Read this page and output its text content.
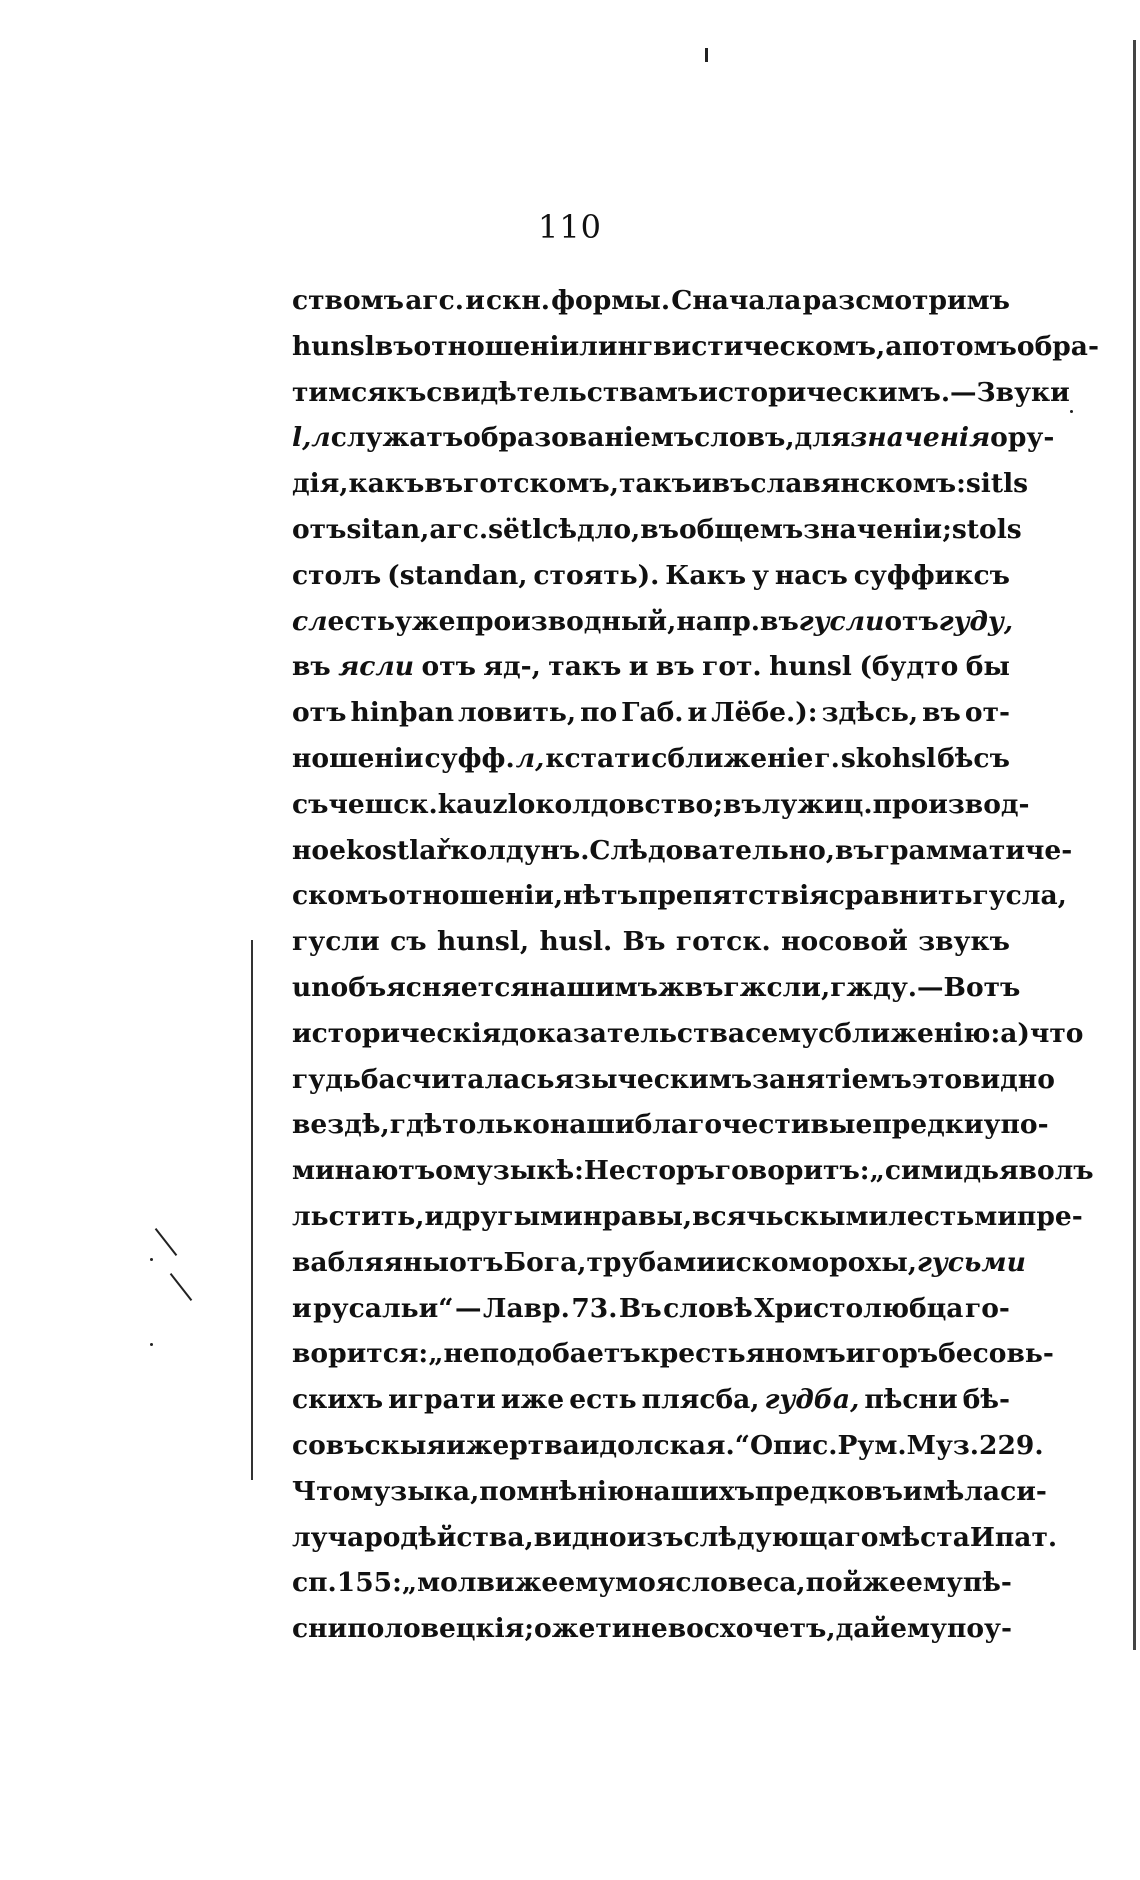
110
ствомъ агс. и скн. формы. Сначала разсмотримъ
hunsl въ отношенiи лингвистическомъ, а потомъ обра-
тимся къ свидѣтельствамъ историческимъ. — Звуки
l, л служатъ образованiемъ словъ, для значенiя ору-
дiя, какъ въ готскомъ, такъ и въ славянскомъ: sitls
отъ sitan, агс. sëtl сѣдло, въ общемъ значенiи; stols
столъ (standan, стоять). Какъ у насъ суффиксъ
сл есть уже производный, напр. въ гусли отъ гуду,
въ ясли отъ яд-, такъ и въ гот. hunsl (будто бы
отъ hinþan ловить, по Габ. и Лёбе.): здѣсь, въ от-
ношенiи суфф. л, кстати сближенiе г. skohsl бѣсъ
съ чешск. kauzlo колдовство; въ лужиц. производ-
ное kostlař колдунъ. Слѣдовательно, въ грамматичe-
скомъ отношенiи, нѣтъ препятствiя сравнить гусла,
гусли съ hunsl, husl. Въ готск. носовой звукъ
un объясняется нашимъ ж въ гжсли, гжду. — Вотъ
историческiя доказательства сему сближенiю: а) что
гудьба считалась языческимъ занятiемъ это видно
вездѣ, гдѣ только наши благочестивые предки упо-
минаютъ о музыкѣ: Несторъ говоритъ: „сими дьяволъ
льстить, и другыми нравы, всячьскыми лестьми пре-
вабляя ны отъ Бога, трубами и скоморохы, гусьми
и русальи“ — Лавр. 73. Въ словѣ Христолюбца го-
ворится: „не подобаетъ крестьяномъ игоръ бесовь-
скихъ играти иже есть плясба, гудба, пѣсни бѣ-
совъскыя и жертва идолская.“ Опис. Рум. Муз. 229.
Что музыка, по мнѣнiю нашихъ предковъ имѣла си-
лу чародѣйства, видно изъ слѣдующаго мѣста Ипат.
сп. 155: „молви же ему моя словеса, пой же ему пѣ-
сни половецкiя; оже ти не восхочетъ, дай ему поу-
